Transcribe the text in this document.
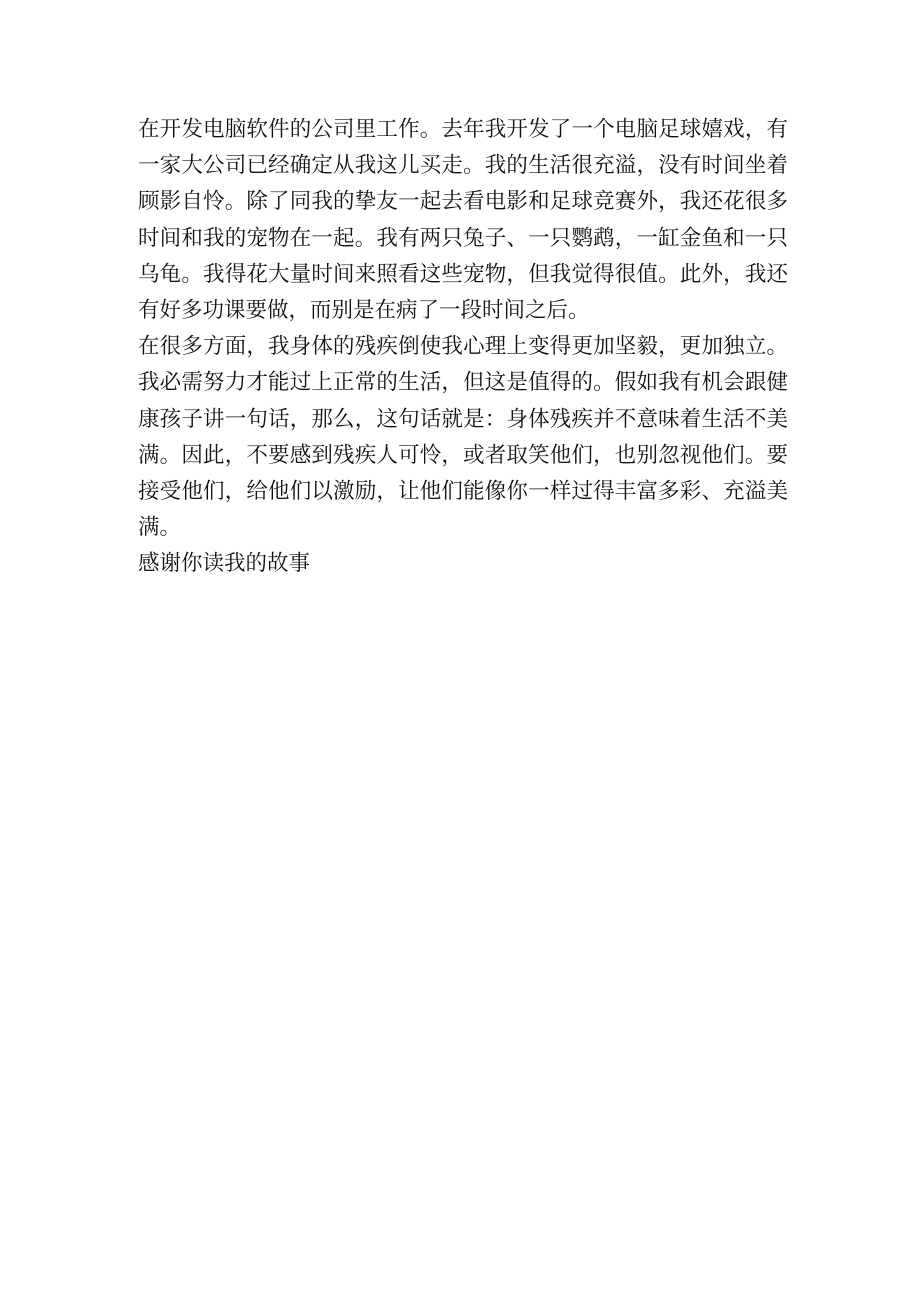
在开发电脑软件的公司里工作。去年我开发了一个电脑足球嬉戏，有
一家大公司已经确定从我这儿买走。我的生活很充溢，没有时间坐着
顾影自怜。除了同我的挚友一起去看电影和足球竞赛外，我还花很多
时间和我的宠物在一起。我有两只兔子、一只鹦鹉，一缸金鱼和一只
乌龟。我得花大量时间来照看这些宠物，但我觉得很值。此外，我还
有好多功课要做，而别是在病了一段时间之后。
在很多方面，我身体的残疾倒使我心理上变得更加坚毅，更加独立。
我必需努力才能过上正常的生活，但这是值得的。假如我有机会跟健
康孩子讲一句话，那么，这句话就是：身体残疾并不意味着生活不美
满。因此，不要感到残疾人可怜，或者取笑他们，也别忽视他们。要
接受他们，给他们以激励，让他们能像你一样过得丰富多彩、充溢美
满。
感谢你读我的故事
